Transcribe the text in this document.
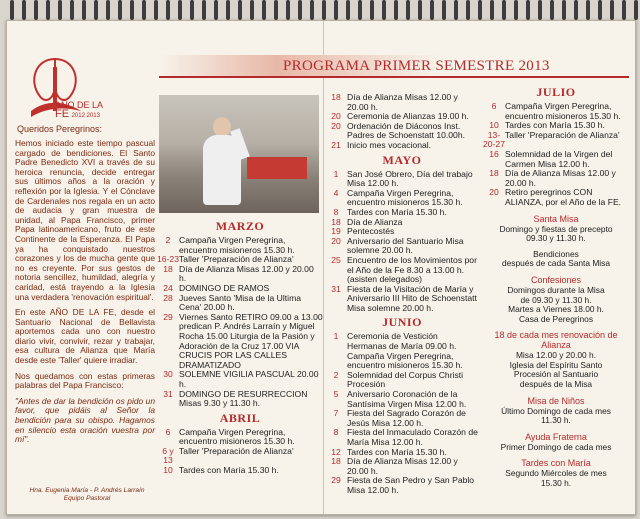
AÑO DE LA
FE 2012 2013
Queridos Peregrinos:

Hemos iniciado este tiempo pascual cargado de bendiciones. El Santo Padre Benedicto XVI a través de su heroica renuncia, decide entregar sus últimos años a la oración y reflexión por la Iglesia. Y el Cónclave de Cardenales nos regala en un acto de audacia y gran muestra de unidad, al Papa Francisco, primer Papa latinoamericano, fruto de este Continente de la Esperanza. El Papa ya ha conquistado nuestros corazones y los de mucha gente que no es creyente. Por sus gestos de notoria sencillez, humildad, alegría y caridad, está trayendo a la Iglesia una verdadera 'renovación espiritual'.

En este AÑO DE LA FE, desde el Santuario Nacional de Bellavista aportemos cada uno con nuestro diario vivir, convivir, rezar y trabajar, esa cultura de Alianza que María desde este 'Taller' quiere irradiar.

Nos quedamos con estas primeras palabras del Papa Francisco:

"Antes de dar la bendición os pido un favor, que pidáis al Señor la bendición para su obispo. Hagamos en silencio esta oración vuestra por mí".

Hna. Eugenia María - P. Andrés Larraín
Equipo Pastoral
PROGRAMA PRIMER SEMESTRE 2013
MARZO
2	Campaña Virgen Peregrina, encuentro misioneros 15.30 h.
16-23 Taller 'Preparación de Alianza'
18 Día de Alianza Misas 12.00 y 20.00 h.
24 DOMINGO DE RAMOS
28 Jueves Santo 'Misa de la Ultima Cena' 20.00 h.
29 Viernes Santo RETIRO 09.00 a 13.00 predican P. Andrés Larraín y Miguel Rocha 15.00 Liturgia de la Pasión y Adoración de la Cruz 17.00 VIA CRUCIS POR LAS CALLES DRAMATIZADO
30 SOLEMNE VIGILIA PASCUAL 20.00 h.
31 DOMINGO DE RESURRECCION Misas 9.30 y 11.30 h.
ABRIL
6	Campaña Virgen Peregrina, encuentro misioneros 15.30 h.
6 y 13
Taller 'Preparación de Alianza'
10 Tardes con María 15.30 h.
18 Día de Alianza Misas 12.00 y 20.00 h.
20 Ceremonia de Alianzas 19.00 h.
20 Ordenación de Diáconos Inst. Padres de Schoenstatt 10.00h.
21 Inicio mes vocacional.
MAYO
1	San José Obrero, Día del trabajo Misa 12.00 h.
4	Campaña Virgen Peregrina, encuentro misioneros 15.30 h.
8	Tardes con María 15.30 h.
18 Día de Alianza
19 Pentecostés
20 Aniversario del Santuario Misa solemne 20.00 h.
25 Encuentro de los Movimientos por el Año de la Fe 8.30 a 13.00 h. (asisten delegados)
31 Fiesta de la Visitación de María y Aniversario III Hito de Schoenstatt Misa solemne 20.00 h.
JUNIO
1	Ceremonia de Vestición Hermanas de María 09.00 h. Campaña Virgen Peregrina, encuentro misioneros 15.30 h.
2	Solemnidad del Corpus Christi Procesión
5	Aniversario Coronación de la Santísima Virgen Misa 12.00 h.
7	Fiesta del Sagrado Corazón de Jesús Misa 12.00 h.
8	Fiesta del Inmaculado Corazón de María Misa 12.00 h.
12 Tardes con María 15.30 h.
18 Día de Alianza Misas 12.00 y 20.00 h.
29 Fiesta de San Pedro y San Pablo Misa 12.00 h.
JULIO
6	Campaña Virgen Peregrina, encuentro misioneros 15.30 h.
10 Tardes con María 15.30 h.
13-20-27
Taller 'Preparación de Alianza'
16 Solemnidad de la Virgen del Carmen Misa 12.00 h.
18 Día de Alianza Misas 12.00 y 20.00 h.
20 Retiro peregrinos CON ALIANZA, por el Año de la FE.
Santa Misa
Domingo y fiestas de precepto
09.30 y 11.30 h.
Bendiciones
después de cada Santa Misa
Confesiones
Domingos durante la Misa
de 09.30 y 11.30 h.
Martes a Viernes 18.00 h.
Casa de Peregrinos
18 de cada mes renovación de Alianza
Misa 12.00 y 20.00 h.
Iglesia del Espíritu Santo
Procesión al Santuario
después de la Misa
Misa de Niños
Último Domingo de cada mes
11.30 h.
Ayuda Fraterna
Primer Domingo de cada mes
Tardes con María
Segundo Miércoles de mes
15.30 h.
